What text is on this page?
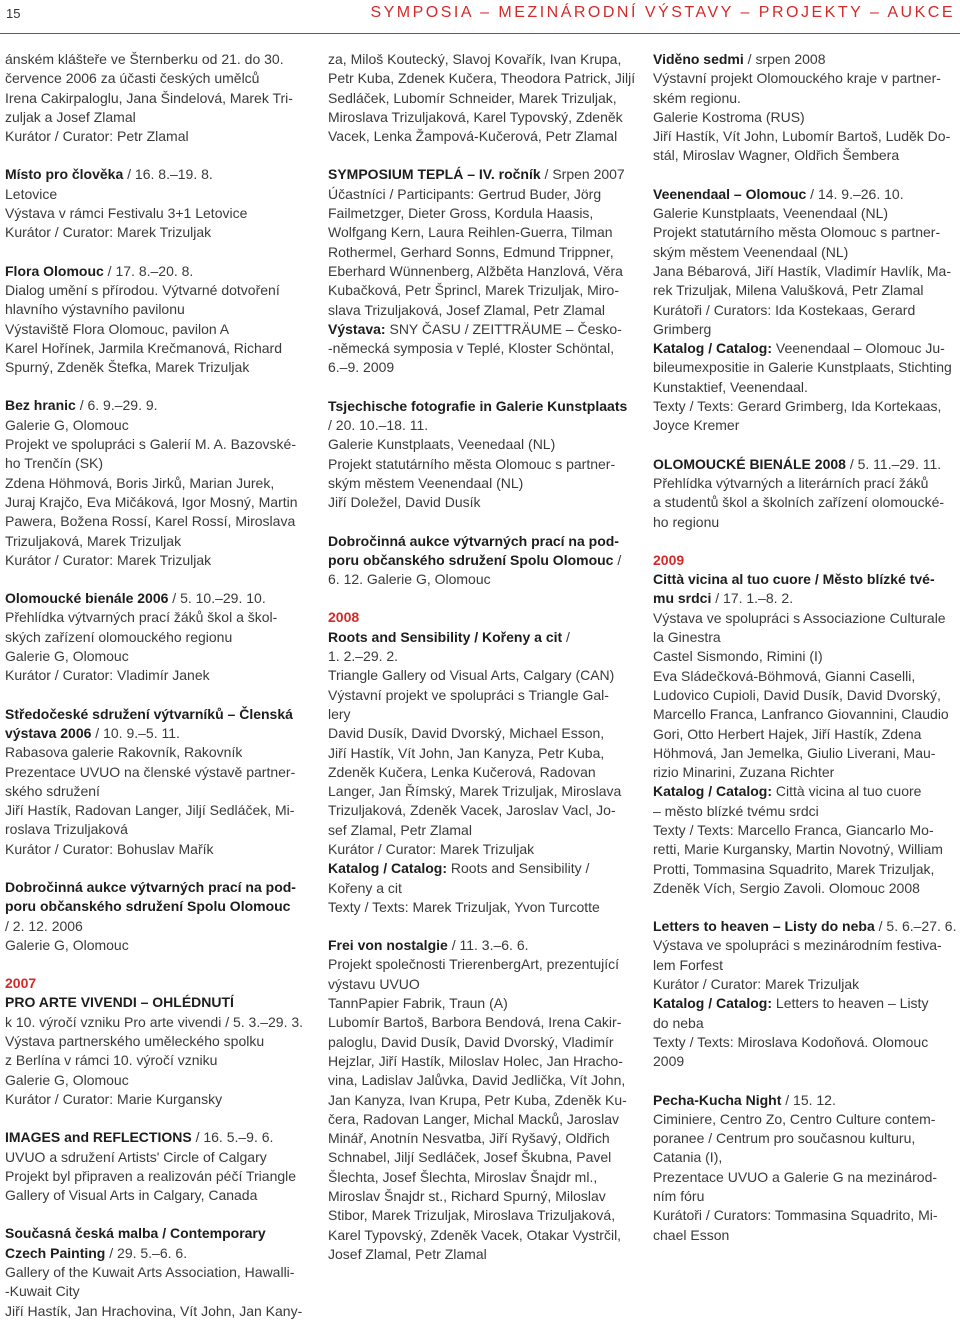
15	SYMPOSIA – MEZINÁRODNÍ VÝSTAVY – PROJEKTY – AUKCE
ánském klášteře ve Šternberku od 21. do 30.
července 2006 za účasti českých umělců
Irena Cakirpaloglu, Jana Šindelová, Marek Tri-
zuljak a Josef Zlamal
Kurátor / Curator: Petr Zlamal
Místo pro člověka / 16. 8.–19. 8.
Letovice
Výstava v rámci Festivalu 3+1 Letovice
Kurátor / Curator: Marek Trizuljak
Flora Olomouc / 17. 8.–20. 8.
Dialog umění s přírodou. Výtvarné dotvoření
hlavního výstavního pavilonu
Výstaviště Flora Olomouc, pavilon A
Karel Hořínek, Jarmila Krečmanová, Richard
Spurný, Zdeněk Štefka, Marek Trizuljak
Bez hranic / 6. 9.–29. 9.
Galerie G, Olomouc
Projekt ve spolupráci s Galerií M. A. Bazovské-
ho Trenčín (SK)
Zdena Höhmová, Boris Jirků, Marian Jurek,
Juraj Krajčo, Eva Mičáková, Igor Mosný, Martin
Pawera, Božena Rossí, Karel Rossí, Miroslava
Trizuljaková, Marek Trizuljak
Kurátor / Curator: Marek Trizuljak
Olomoucké bienále 2006 / 5. 10.–29. 10.
Přehlídka výtvarných prací žáků škol a škol-
ských zařízení olomouckého regionu
Galerie G, Olomouc
Kurátor / Curator: Vladimír Janek
Středočeské sdružení výtvarníků – Členská
výstava 2006 / 10. 9.–5. 11.
Rabasova galerie Rakovník, Rakovník
Prezentace UVUO na členské výstavě partner-
ského sdružení
Jiří Hastík, Radovan Langer, Jiljí Sedláček, Mi-
roslava Trizuljaková
Kurátor / Curator: Bohuslav Mařík
Dobročinná aukce výtvarných prací na pod-
poru občanského sdružení Spolu Olomouc
/ 2. 12. 2006
Galerie G, Olomouc
2007
PRO ARTE VIVENDI – OHLÉDNUTÍ
k 10. výročí vzniku Pro arte vivendi / 5. 3.–29. 3.
Výstava partnerského uměleckého spolku
z Berlína v rámci 10. výročí vzniku
Galerie G, Olomouc
Kurátor / Curator: Marie Kurgansky
IMAGES and REFLECTIONS / 16. 5.–9. 6.
UVUO a sdružení Artists' Circle of Calgary
Projekt byl připraven a realizován péčí Triangle
Gallery of Visual Arts in Calgary, Canada
Současná česká malba / Contemporary
Czech Painting / 29. 5.–6. 6.
Gallery of the Kuwait Arts Association, Hawalli-
-Kuwait City
Jiří Hastík, Jan Hrachovina, Vít John, Jan Kany-
za, Miloš Koutecký, Slavoj Kovařík, Ivan Krupa,
Petr Kuba, Zdenek Kučera, Theodora Patrick, Jiljí
Sedláček, Lubomír Schneider, Marek Trizuljak,
Miroslava Trizuljaková, Karel Typovský, Zdeněk
Vacek, Lenka Žampová-Kučerová, Petr Zlamal
SYMPOSIUM TEPLÁ – IV. ročník / Srpen 2007
Účastníci / Participants: Gertrud Buder, Jörg
Failmetzger, Dieter Gross, Kordula Haasis,
Wolfgang Kern, Laura Reihlen-Guerra, Tilman
Rothermel, Gerhard Sonns, Edmund Trippner,
Eberhard Wünnenberg, Alžběta Hanzlová, Věra
Kubačková, Petr Šprincl, Marek Trizuljak, Miro-
slava Trizuljaková, Josef Zlamal, Petr Zlamal
Výstava: SNY ČASU / ZEITTRÄUME – Česko-
-německá symposia v Teplé, Kloster Schöntal,
6.–9. 2009
Tsjechische fotografie in Galerie Kunstplaats
/ 20. 10.–18. 11.
Galerie Kunstplaats, Veenedaal (NL)
Projekt statutárního města Olomouc s partner-
ským městem Veenendaal (NL)
Jiří Doležel, David Dusík
Dobročinná aukce výtvarných prací na pod-
poru občanského sdružení Spolu Olomouc /
6. 12. Galerie G, Olomouc
2008
Roots and Sensibility / Kořeny a cit /
1. 2.–29. 2.
Triangle Gallery od Visual Arts, Calgary (CAN)
Výstavní projekt ve spolupráci s Triangle Gal-
lery
David Dusík, David Dvorský, Michael Esson,
Jiří Hastík, Vít John, Jan Kanyza, Petr Kuba,
Zdeněk Kučera, Lenka Kučerová, Radovan
Langer, Jan Římský, Marek Trizuljak, Miroslava
Trizuljaková, Zdeněk Vacek, Jaroslav Vacl, Jo-
sef Zlamal, Petr Zlamal
Kurátor / Curator: Marek Trizuljak
Katalog / Catalog: Roots and Sensibility /
Kořeny a cit
Texty / Texts: Marek Trizuljak, Yvon Turcotte
Frei von nostalgie / 11. 3.–6. 6.
Projekt společnosti TrierenbergArt, prezentující
výstavu UVUO
TannPapier Fabrik, Traun (A)
Lubomír Bartoš, Barbora Bendová, Irena Cakir-
paloglu, David Dusík, David Dvorský, Vladimír
Hejzlar, Jiří Hastík, Miloslav Holec, Jan Hracho-
vina, Ladislav Jalůvka, David Jedlička, Vít John,
Jan Kanyza, Ivan Krupa, Petr Kuba, Zdeněk Ku-
čera, Radovan Langer, Michal Macků, Jaroslav
Minář, Anotnín Nesvatba, Jiří Ryšavý, Oldřich
Schnabel, Jiljí Sedláček, Josef Škubna, Pavel
Šlechta, Josef Šlechta, Miroslav Šnajdr ml.,
Miroslav Šnajdr st., Richard Spurný, Miloslav
Stibor, Marek Trizuljak, Miroslava Trizuljaková,
Karel Typovský, Zdeněk Vacek, Otakar Vystrčil,
Josef Zlamal, Petr Zlamal
Viděno sedmi / srpen 2008
Výstavní projekt Olomouckého kraje v partner-
ském regionu.
Galerie Kostroma (RUS)
Jiří Hastík, Vít John, Lubomír Bartoš, Luděk Do-
stál, Miroslav Wagner, Oldřich Šembera
Veenendaal – Olomouc / 14. 9.–26. 10.
Galerie Kunstplaats, Veenendaal (NL)
Projekt statutárního města Olomouc s partner-
ským městem Veenendaal (NL)
Jana Bébarová, Jiří Hastík, Vladimír Havlík, Ma-
rek Trizuljak, Milena Valušková, Petr Zlamal
Kurátoři / Curators: Ida Kostekaas, Gerard
Grimberg
Katalog / Catalog: Veenendaal – Olomouc Ju-
bileumexpositie in Galerie Kunstplaats, Stichting
Kunstaktief, Veenendaal.
Texty / Texts: Gerard Grimberg, Ida Kortekaas,
Joyce Kremer
OLOMOUCKÉ BIENÁLE 2008 / 5. 11.–29. 11.
Přehlídka výtvarných a literárních prací žáků
a studentů škol a školních zařízení olomoucké-
ho regionu
2009
Città vicina al tuo cuore / Město blízké tvé-
mu srdci / 17. 1.–8. 2.
Výstava ve spolupráci s Associazione Culturale
la Ginestra
Castel Sismondo, Rimini (I)
Eva Sládečková-Böhmová, Gianni Caselli,
Ludovico Cupioli, David Dusík, David Dvorský,
Marcello Franca, Lanfranco Giovannini, Claudio
Gori, Otto Herbert Hajek, Jiří Hastík, Zdena
Höhmová, Jan Jemelka, Giulio Liverani, Mau-
rizio Minarini, Zuzana Richter
Katalog / Catalog: Città vicina al tuo cuore
– město blízké tvému srdci
Texty / Texts: Marcello Franca, Giancarlo Mo-
retti, Marie Kurgansky, Martin Novotný, William
Protti, Tommasina Squadrito, Marek Trizuljak,
Zdeněk Vích, Sergio Zavoli. Olomouc 2008
Letters to heaven – Listy do neba / 5. 6.–27. 6.
Výstava ve spolupráci s mezinárodním festiva-
lem Forfest
Kurátor / Curator: Marek Trizuljak
Katalog / Catalog: Letters to heaven – Listy
do neba
Texty / Texts: Miroslava Kodoňová. Olomouc
2009
Pecha-Kucha Night / 15. 12.
Ciminiere, Centro Zo, Centro Culture contem-
poranee / Centrum pro současnou kulturu,
Catania (I),
Prezentace UVUO a Galerie G na mezinárod-
ním fóru
Kurátoři / Curators: Tommasina Squadrito, Mi-
chael Esson
